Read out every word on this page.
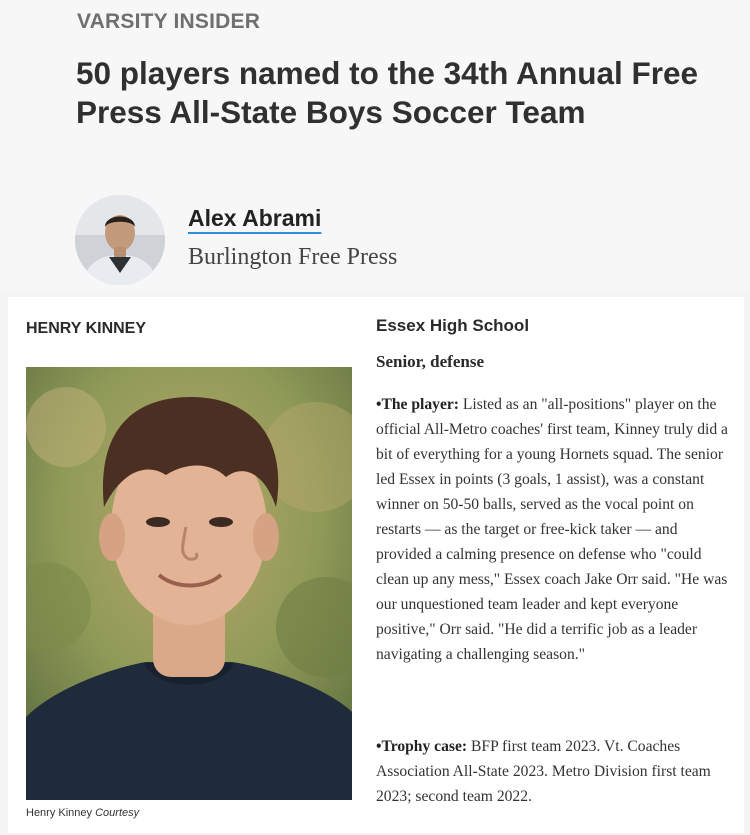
VARSITY INSIDER
50 players named to the 34th Annual Free Press All-State Boys Soccer Team
Alex Abrami
Burlington Free Press
HENRY KINNEY
Henry Kinney Courtesy
Essex High School
Senior, defense

•The player: Listed as an "all-positions" player on the official All-Metro coaches' first team, Kinney truly did a bit of everything for a young Hornets squad. The senior led Essex in points (3 goals, 1 assist), was a constant winner on 50-50 balls, served as the vocal point on restarts — as the target or free-kick taker — and provided a calming presence on defense who "could clean up any mess," Essex coach Jake Orr said. "He was our unquestioned team leader and kept everyone positive," Orr said. "He did a terrific job as a leader navigating a challenging season."

•Trophy case: BFP first team 2023. Vt. Coaches Association All-State 2023. Metro Division first team 2023; second team 2022.
